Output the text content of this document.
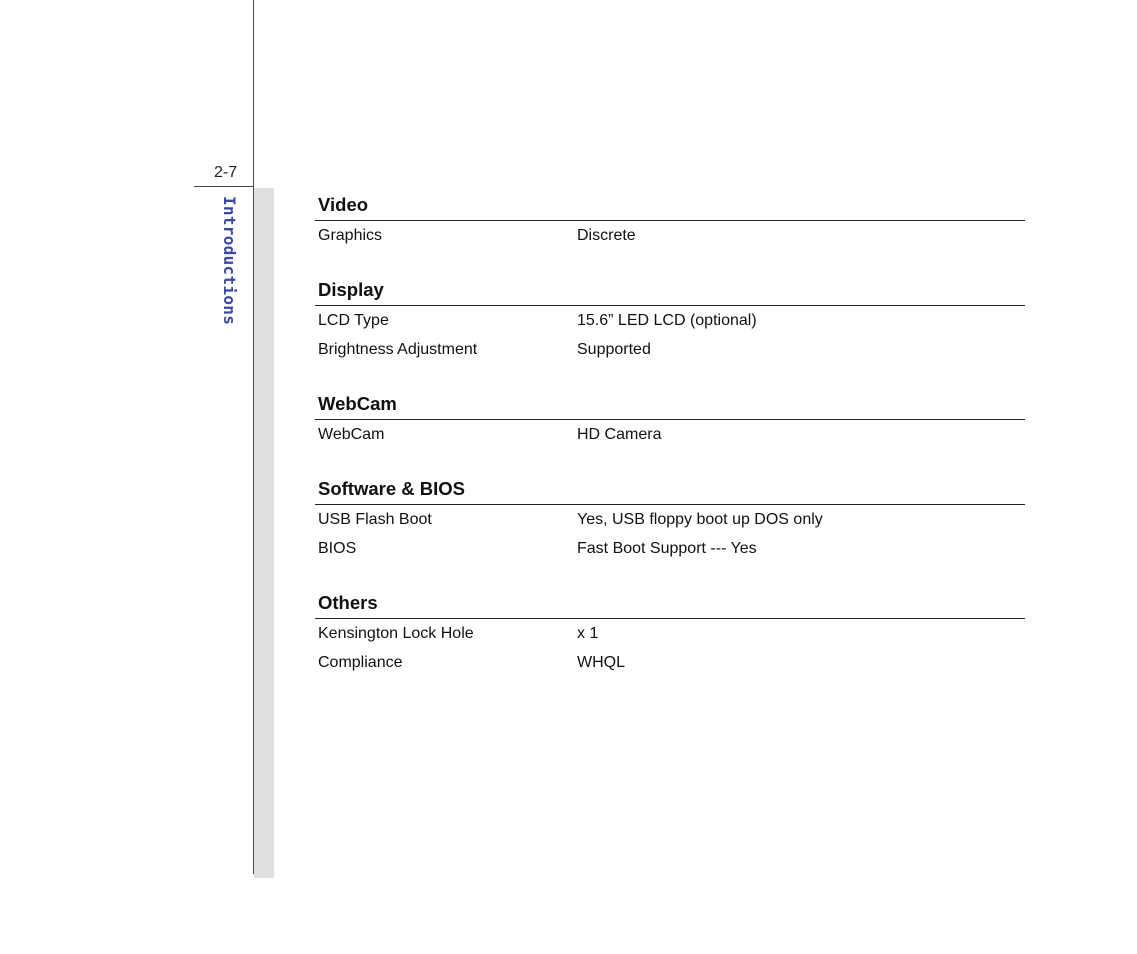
2-7
Introductions	Video
Graphics	Discrete
Display
LCD Type	15.6” LED LCD (optional)
Brightness Adjustment	Supported
WebCam
WebCam	HD Camera
Software & BIOS
USB Flash Boot	Yes, USB floppy boot up DOS only
BIOS	Fast Boot Support --- Yes
Others
Kensington Lock Hole	x 1
Compliance	WHQL
